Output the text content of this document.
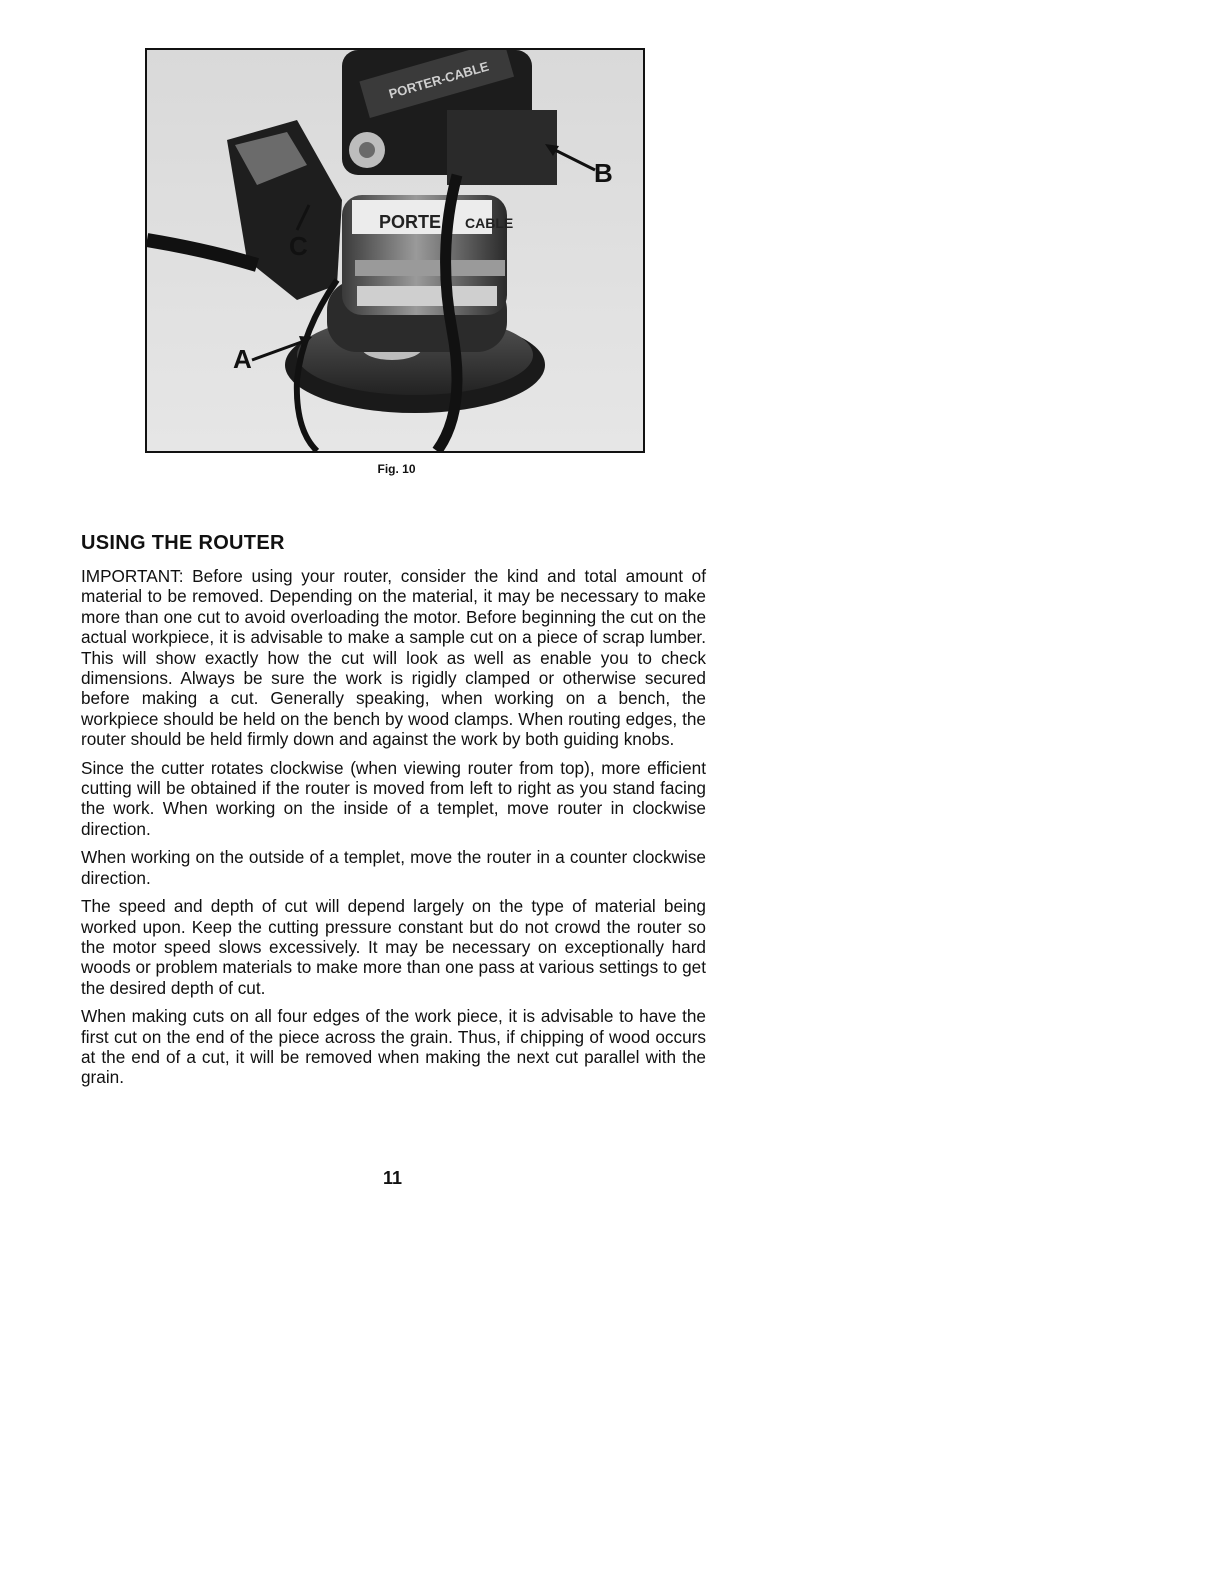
PORTE CABLE
PORTER-CABLE
B
C
A
Fig. 10
USING THE ROUTER

IMPORTANT: Before using your router, consider the kind and total amount of material to be removed. Depending on the material, it may be necessary to make more than one cut to avoid overloading the motor. Before beginning the cut on the actual workpiece, it is advisable to make a sample cut on a piece of scrap lumber. This will show exactly how the cut will look as well as enable you to check dimensions. Always be sure the work is rigidly clamped or otherwise secured before making a cut. Generally speaking, when working on a bench, the workpiece should be held on the bench by wood clamps. When routing edges, the router should be held firmly down and against the work by both guiding knobs.

Since the cutter rotates clockwise (when viewing router from top), more efficient cutting will be obtained if the router is moved from left to right as you stand facing the work. When working on the inside of a templet, move router in clockwise direction.

When working on the outside of a templet, move the router in a counter clockwise direction.

The speed and depth of cut will depend largely on the type of material being worked upon. Keep the cutting pressure constant but do not crowd the router so the motor speed slows excessively. It may be necessary on exceptionally hard woods or problem materials to make more than one pass at various settings to get the desired depth of cut.

When making cuts on all four edges of the work piece, it is advisable to have the first cut on the end of the piece across the grain. Thus, if chipping of wood occurs at the end of a cut, it will be removed when making the next cut parallel with the grain.

11
